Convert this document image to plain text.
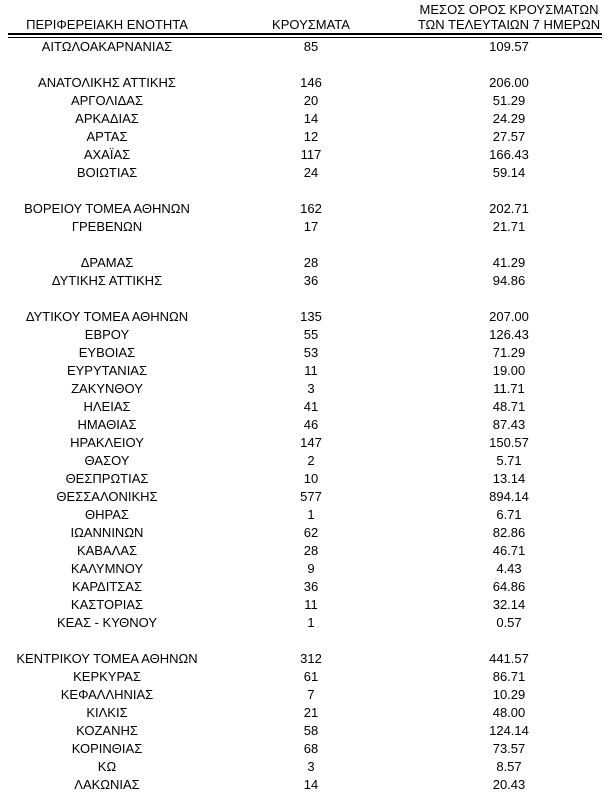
ΠΕΡΙΦΕΡΕΙΑΚΗ ΕΝΟΤΗΤΑ	ΚΡΟΥΣΜΑΤΑ
ΜΕΣΟΣ ΟΡΟΣ ΚΡΟΥΣΜΑΤΩΝ
ΤΩΝ ΤΕΛΕΥΤΑΙΩΝ 7 ΗΜΕΡΩΝ
ΑΙΤΩΛΟΑΚΑΡΝΑΝΙΑΣ	85	109.57
ΑΝΑΤΟΛΙΚΗΣ ΑΤΤΙΚΗΣ	146	206.00
ΑΡΓΟΛΙΔΑΣ	20	51.29
ΑΡΚΑΔΙΑΣ	14	24.29
ΑΡΤΑΣ	12	27.57
ΑΧΑΪΑΣ	117	166.43
ΒΟΙΩΤΙΑΣ	24	59.14
ΒΟΡΕΙΟΥ ΤΟΜΕΑ ΑΘΗΝΩΝ	162	202.71
ΓΡΕΒΕΝΩΝ	17	21.71
ΔΡΑΜΑΣ	28	41.29
ΔΥΤΙΚΗΣ ΑΤΤΙΚΗΣ	36	94.86
ΔΥΤΙΚΟΥ ΤΟΜΕΑ ΑΘΗΝΩΝ	135	207.00
ΕΒΡΟΥ	55	126.43
ΕΥΒΟΙΑΣ	53	71.29
ΕΥΡΥΤΑΝΙΑΣ	11	19.00
ΖΑΚΥΝΘΟΥ	3	11.71
ΗΛΕΙΑΣ	41	48.71
ΗΜΑΘΙΑΣ	46	87.43
ΗΡΑΚΛΕΙΟΥ	147	150.57
ΘΑΣΟΥ	2	5.71
ΘΕΣΠΡΩΤΙΑΣ	10	13.14
ΘΕΣΣΑΛΟΝΙΚΗΣ	577	894.14
ΘΗΡΑΣ	1	6.71
ΙΩΑΝΝΙΝΩΝ	62	82.86
ΚΑΒΑΛΑΣ	28	46.71
ΚΑΛΥΜΝΟΥ	9	4.43
ΚΑΡΔΙΤΣΑΣ	36	64.86
ΚΑΣΤΟΡΙΑΣ	11	32.14
ΚΕΑΣ - ΚΥΘΝΟΥ	1	0.57
ΚΕΝΤΡΙΚΟΥ ΤΟΜΕΑ ΑΘΗΝΩΝ	312	441.57
ΚΕΡΚΥΡΑΣ	61	86.71
ΚΕΦΑΛΛΗΝΙΑΣ	7	10.29
ΚΙΛΚΙΣ	21	48.00
ΚΟΖΑΝΗΣ	58	124.14
ΚΟΡΙΝΘΙΑΣ	68	73.57
ΚΩ	3	8.57
ΛΑΚΩΝΙΑΣ	14	20.43
